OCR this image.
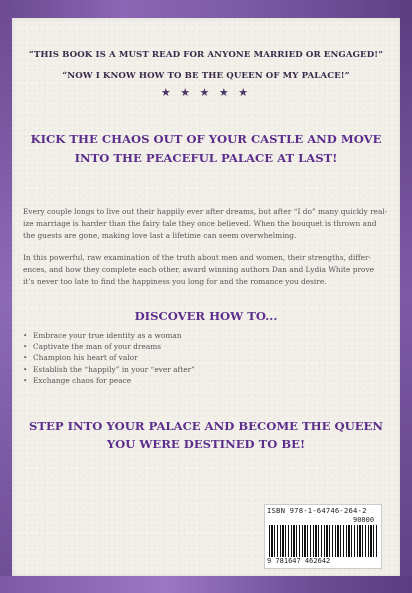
“THIS BOOK IS A MUST READ FOR ANYONE MARRIED OR ENGAGED!”
“NOW I KNOW HOW TO BE THE QUEEN OF MY PALACE!”
★ ★ ★ ★ ★
KICK THE CHAOS OUT OF YOUR CASTLE AND MOVE
INTO THE PEACEFUL PALACE AT LAST!
Every couple longs to live out their happily ever after dreams, but after “I do” many quickly real-
ize marriage is harder than the fairy tale they once believed. When the bouquet is thrown and
the guests are gone, making love last a lifetime can seem overwhelming.
In this powerful, raw examination of the truth about men and women, their strengths, differ-
ences, and how they complete each other, award winning authors Dan and Lydia White prove
it’s never too late to find the happiness you long for and the romance you desire.
DISCOVER HOW TO...
• Embrace your true identity as a woman
• Captivate the man of your dreams
• Champion his heart of valor
• Establish the “happily” in your “ever after”
• Exchange chaos for peace
STEP INTO YOUR PALACE AND BECOME THE QUEEN
YOU WERE DESTINED TO BE!
ISBN 978-1-64746-264-2
90000
9 781647 462642
